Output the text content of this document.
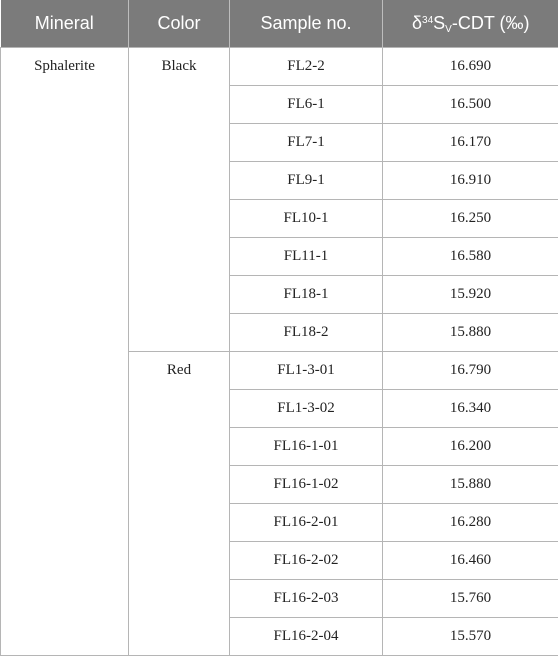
Mineral	Color	Sample no.	$\delta^{34}S_V$-CDT (‰)
Sphalerite	Black	FL2-2	16.690
		FL6-1	16.500
		FL7-1	16.170
		FL9-1	16.910
		FL10-1	16.250
		FL11-1	16.580
		FL18-1	15.920
		FL18-2	15.880
	Red	FL1-3-01	16.790
		FL1-3-02	16.340
		FL16-1-01	16.200
		FL16-1-02	15.880
		FL16-2-01	16.280
		FL16-2-02	16.460
		FL16-2-03	15.760
		FL16-2-04	15.570
